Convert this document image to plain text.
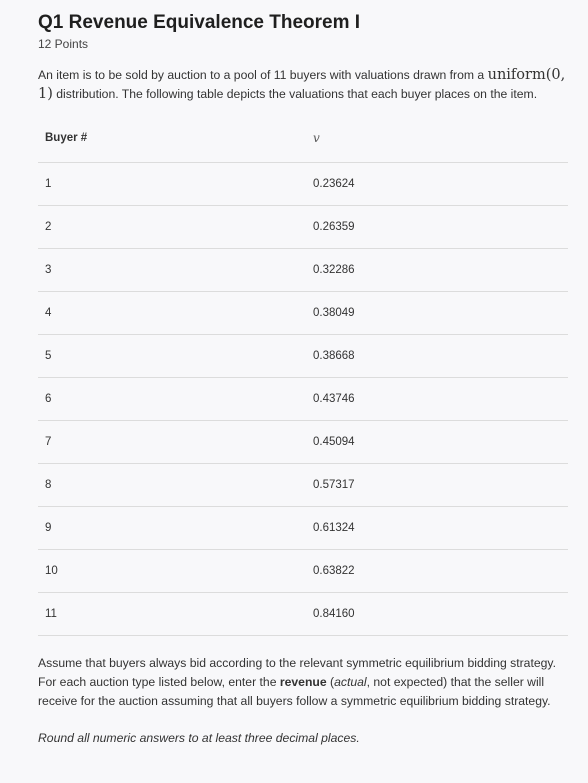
Q1 Revenue Equivalence Theorem I
12 Points
An item is to be sold by auction to a pool of 11 buyers with valuations drawn from a uniform(0, 1) distribution. The following table depicts the valuations that each buyer places on the item.
Buyer #	v
1	0.23624
2	0.26359
3	0.32286
4	0.38049
5	0.38668
6	0.43746
7	0.45094
8	0.57317
9	0.61324
10	0.63822
11	0.84160
Assume that buyers always bid according to the relevant symmetric equilibrium bidding strategy. For each auction type listed below, enter the revenue (actual, not expected) that the seller will receive for the auction assuming that all buyers follow a symmetric equilibrium bidding strategy.
Round all numeric answers to at least three decimal places.
